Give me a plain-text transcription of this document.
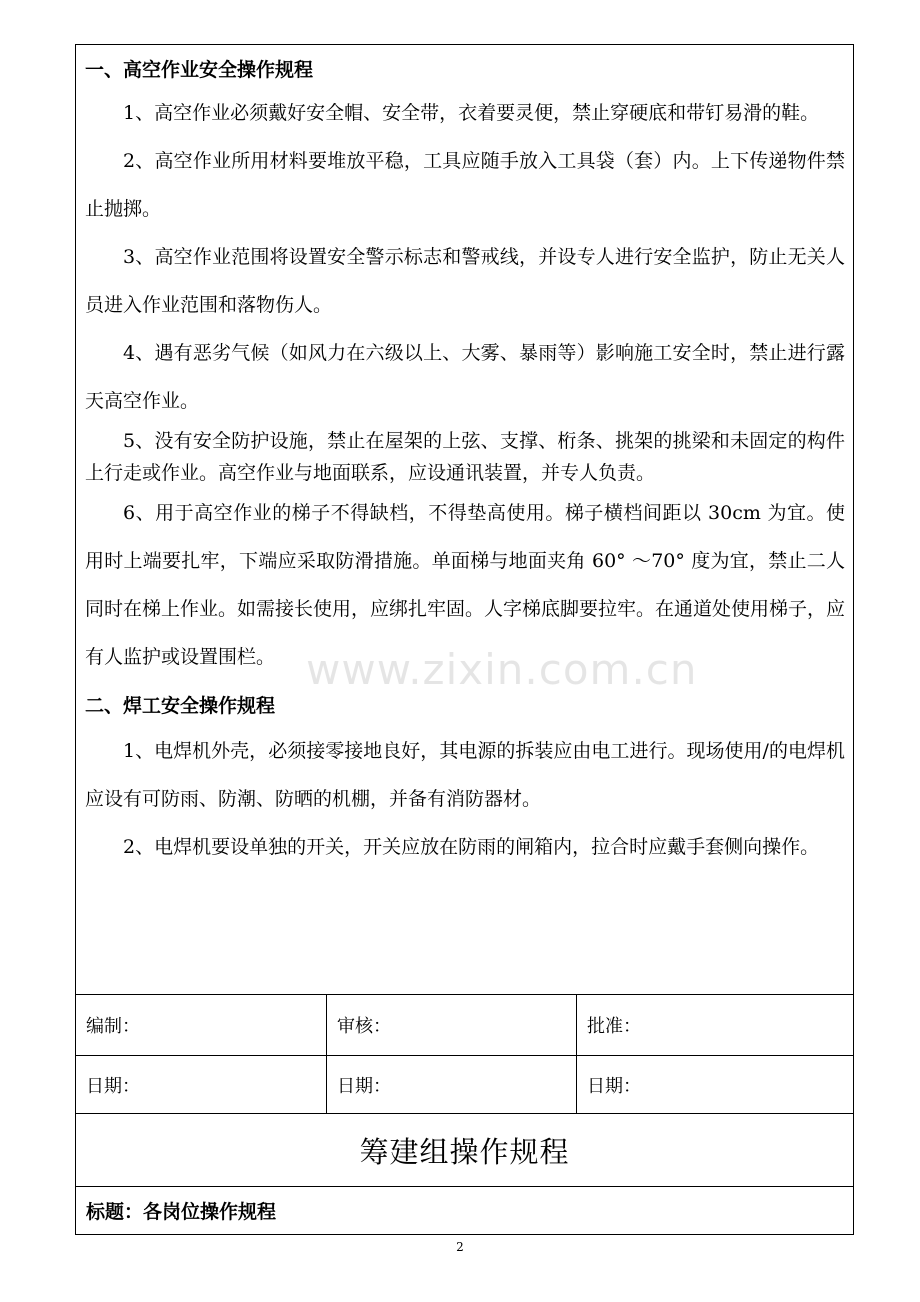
一、高空作业安全操作规程

1、高空作业必须戴好安全帽、安全带，衣着要灵便，禁止穿硬底和带钉易滑的鞋。

2、高空作业所用材料要堆放平稳，工具应随手放入工具袋（套）内。上下传递物件禁止抛掷。

3、高空作业范围将设置安全警示标志和警戒线，并设专人进行安全监护，防止无关人员进入作业范围和落物伤人。

4、遇有恶劣气候（如风力在六级以上、大雾、暴雨等）影响施工安全时，禁止进行露天高空作业。

5、没有安全防护设施，禁止在屋架的上弦、支撑、桁条、挑架的挑梁和未固定的构件上行走或作业。高空作业与地面联系，应设通讯装置，并专人负责。

6、用于高空作业的梯子不得缺档，不得垫高使用。梯子横档间距以 30cm 为宜。使用时上端要扎牢，下端应采取防滑措施。单面梯与地面夹角 60° ～70° 度为宜，禁止二人同时在梯上作业。如需接长使用，应绑扎牢固。人字梯底脚要拉牢。在通道处使用梯子，应有人监护或设置围栏。

二、焊工安全操作规程

1、电焊机外壳，必须接零接地良好，其电源的拆装应由电工进行。现场使用/的电焊机应设有可防雨、防潮、防晒的机棚，并备有消防器材。

2、电焊机要设单独的开关，开关应放在防雨的闸箱内，拉合时应戴手套侧向操作。

www.zixin.com.cn
编制：	审核：	批准：
日期：	日期：	日期：
筹建组操作规程
标题：各岗位操作规程
2
